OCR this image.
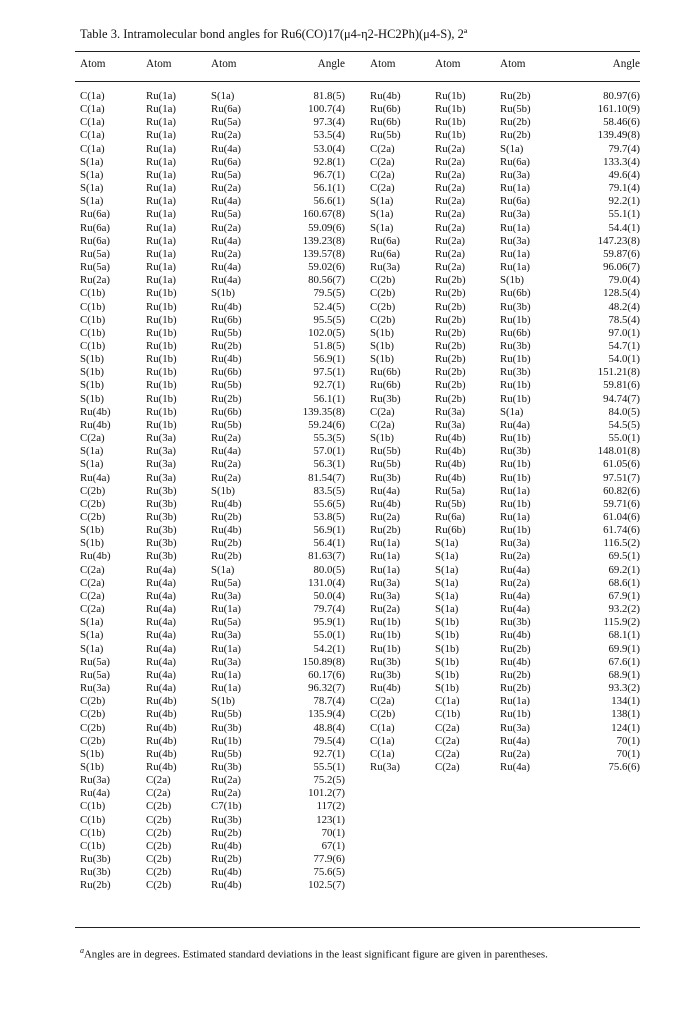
Table 3. Intramolecular bond angles for Ru6(CO)17(μ4-η2-HC2Ph)(μ4-S), 2ª
Atom
C(1a)
C(1a)
C(1a)
C(1a)
C(1a)
S(1a)
S(1a)
S(1a)
S(1a)
Ru(6a)
Ru(6a)
Ru(6a)
Ru(5a)
Ru(5a)
Ru(2a)
C(1b)
C(1b)
C(1b)
C(1b)
C(1b)
S(1b)
S(1b)
S(1b)
S(1b)
Ru(4b)
Ru(4b)
C(2a)
S(1a)
S(1a)
Ru(4a)
C(2b)
C(2b)
C(2b)
S(1b)
S(1b)
Ru(4b)
C(2a)
C(2a)
C(2a)
C(2a)
S(1a)
S(1a)
S(1a)
Ru(5a)
Ru(5a)
Ru(3a)
C(2b)
C(2b)
C(2b)
C(2b)
S(1b)
S(1b)
Ru(3a)
Ru(4a)
C(1b)
C(1b)
C(1b)
C(1b)
Ru(3b)
Ru(3b)
Ru(2b)
Atom
Ru(1a)
Ru(1a)
Ru(1a)
Ru(1a)
Ru(1a)
Ru(1a)
Ru(1a)
Ru(1a)
Ru(1a)
Ru(1a)
Ru(1a)
Ru(1a)
Ru(1a)
Ru(1a)
Ru(1a)
Ru(1b)
Ru(1b)
Ru(1b)
Ru(1b)
Ru(1b)
Ru(1b)
Ru(1b)
Ru(1b)
Ru(1b)
Ru(1b)
Ru(1b)
Ru(3a)
Ru(3a)
Ru(3a)
Ru(3a)
Ru(3b)
Ru(3b)
Ru(3b)
Ru(3b)
Ru(3b)
Ru(3b)
Ru(4a)
Ru(4a)
Ru(4a)
Ru(4a)
Ru(4a)
Ru(4a)
Ru(4a)
Ru(4a)
Ru(4a)
Ru(4a)
Ru(4b)
Ru(4b)
Ru(4b)
Ru(4b)
Ru(4b)
Ru(4b)
C(2a)
C(2a)
C(2b)
C(2b)
C(2b)
C(2b)
C(2b)
C(2b)
C(2b)
Atom
S(1a)
Ru(6a)
Ru(5a)
Ru(2a)
Ru(4a)
Ru(6a)
Ru(5a)
Ru(2a)
Ru(4a)
Ru(5a)
Ru(2a)
Ru(4a)
Ru(2a)
Ru(4a)
Ru(4a)
S(1b)
Ru(4b)
Ru(6b)
Ru(5b)
Ru(2b)
Ru(4b)
Ru(6b)
Ru(5b)
Ru(2b)
Ru(6b)
Ru(5b)
Ru(2a)
Ru(4a)
Ru(2a)
Ru(2a)
S(1b)
Ru(4b)
Ru(2b)
Ru(4b)
Ru(2b)
Ru(2b)
S(1a)
Ru(5a)
Ru(3a)
Ru(1a)
Ru(5a)
Ru(3a)
Ru(1a)
Ru(3a)
Ru(1a)
Ru(1a)
S(1b)
Ru(5b)
Ru(3b)
Ru(1b)
Ru(5b)
Ru(3b)
Ru(2a)
Ru(2a)
C7(1b)
Ru(3b)
Ru(2b)
Ru(4b)
Ru(2b)
Ru(4b)
Ru(4b)
Angle
81.8(5)
100.7(4)
97.3(4)
53.5(4)
53.0(4)
92.8(1)
96.7(1)
56.1(1)
56.6(1)
160.67(8)
59.09(6)
139.23(8)
139.57(8)
59.02(6)
80.56(7)
79.5(5)
52.4(5)
95.5(5)
102.0(5)
51.8(5)
56.9(1)
97.5(1)
92.7(1)
56.1(1)
139.35(8)
59.24(6)
55.3(5)
57.0(1)
56.3(1)
81.54(7)
83.5(5)
55.6(5)
53.8(5)
56.9(1)
56.4(1)
81.63(7)
80.0(5)
131.0(4)
50.0(4)
79.7(4)
95.9(1)
55.0(1)
54.2(1)
150.89(8)
60.17(6)
96.32(7)
78.7(4)
135.9(4)
48.8(4)
79.5(4)
92.7(1)
55.5(1)
75.2(5)
101.2(7)
117(2)
123(1)
70(1)
67(1)
77.9(6)
75.6(5)
102.5(7)
Atom
Ru(4b)
Ru(6b)
Ru(6b)
Ru(5b)
C(2a)
C(2a)
C(2a)
C(2a)
S(1a)
S(1a)
S(1a)
Ru(6a)
Ru(6a)
Ru(3a)
C(2b)
C(2b)
C(2b)
C(2b)
S(1b)
S(1b)
S(1b)
Ru(6b)
Ru(6b)
Ru(3b)
C(2a)
C(2a)
S(1b)
Ru(5b)
Ru(5b)
Ru(3b)
Ru(4a)
Ru(4b)
Ru(2a)
Ru(2b)
Ru(1a)
Ru(1a)
Ru(1a)
Ru(3a)
Ru(3a)
Ru(2a)
Ru(1b)
Ru(1b)
Ru(1b)
Ru(3b)
Ru(3b)
Ru(4b)
C(2a)
C(2b)
C(1a)
C(1a)
C(1a)
Ru(3a)
Atom
Ru(1b)
Ru(1b)
Ru(1b)
Ru(1b)
Ru(2a)
Ru(2a)
Ru(2a)
Ru(2a)
Ru(2a)
Ru(2a)
Ru(2a)
Ru(2a)
Ru(2a)
Ru(2a)
Ru(2b)
Ru(2b)
Ru(2b)
Ru(2b)
Ru(2b)
Ru(2b)
Ru(2b)
Ru(2b)
Ru(2b)
Ru(2b)
Ru(3a)
Ru(3a)
Ru(4b)
Ru(4b)
Ru(4b)
Ru(4b)
Ru(5a)
Ru(5b)
Ru(6a)
Ru(6b)
S(1a)
S(1a)
S(1a)
S(1a)
S(1a)
S(1a)
S(1b)
S(1b)
S(1b)
S(1b)
S(1b)
S(1b)
C(1a)
C(1b)
C(2a)
C(2a)
C(2a)
C(2a)
Atom
Ru(2b)
Ru(5b)
Ru(2b)
Ru(2b)
S(1a)
Ru(6a)
Ru(3a)
Ru(1a)
Ru(6a)
Ru(3a)
Ru(1a)
Ru(3a)
Ru(1a)
Ru(1a)
S(1b)
Ru(6b)
Ru(3b)
Ru(1b)
Ru(6b)
Ru(3b)
Ru(1b)
Ru(3b)
Ru(1b)
Ru(1b)
S(1a)
Ru(4a)
Ru(1b)
Ru(3b)
Ru(1b)
Ru(1b)
Ru(1a)
Ru(1b)
Ru(1a)
Ru(1b)
Ru(3a)
Ru(2a)
Ru(4a)
Ru(2a)
Ru(4a)
Ru(4a)
Ru(3b)
Ru(4b)
Ru(2b)
Ru(4b)
Ru(2b)
Ru(2b)
Ru(1a)
Ru(1b)
Ru(3a)
Ru(4a)
Ru(2a)
Ru(4a)
Angle
80.97(6)
161.10(9)
58.46(6)
139.49(8)
79.7(4)
133.3(4)
49.6(4)
79.1(4)
92.2(1)
55.1(1)
54.4(1)
147.23(8)
59.87(6)
96.06(7)
79.0(4)
128.5(4)
48.2(4)
78.5(4)
97.0(1)
54.7(1)
54.0(1)
151.21(8)
59.81(6)
94.74(7)
84.0(5)
54.5(5)
55.0(1)
148.01(8)
61.05(6)
97.51(7)
60.82(6)
59.71(6)
61.04(6)
61.74(6)
116.5(2)
69.5(1)
69.2(1)
68.6(1)
67.9(1)
93.2(2)
115.9(2)
68.1(1)
69.9(1)
67.6(1)
68.9(1)
93.3(2)
134(1)
138(1)
124(1)
70(1)
70(1)
75.6(6)
$^a$Angles are in degrees. Estimated standard deviations in the least significant figure are given in parentheses.
